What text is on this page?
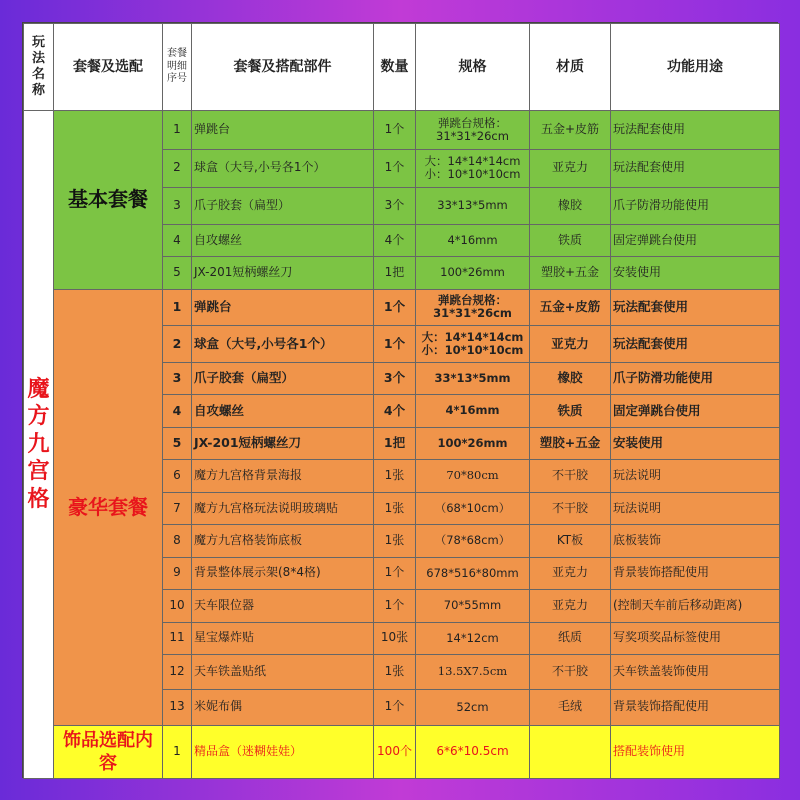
玩法名称	套餐及选配	套餐明细序号	套餐及搭配部件	数量	规格	材质	功能用途
魔方九宫格	基本套餐	1	弹跳台	1个	弹跳台规格：
31*31*26cm	五金+皮筋	玩法配套使用
		2	球盒（大号,小号各1个）	1个	大：14*14*14cm
小：10*10*10cm	亚克力	玩法配套使用
		3	爪子胶套（扁型）	3个	33*13*5mm	橡胶	爪子防滑功能使用
		4	自攻螺丝	4个	4*16mm	铁质	固定弹跳台使用
		5	JX-201短柄螺丝刀	1把	100*26mm	塑胶+五金	安装使用
	豪华套餐	1	弹跳台	1个	弹跳台规格：
31*31*26cm	五金+皮筋	玩法配套使用
		2	球盒（大号,小号各1个）	1个	大：14*14*14cm
小：10*10*10cm	亚克力	玩法配套使用
		3	爪子胶套（扁型）	3个	33*13*5mm	橡胶	爪子防滑功能使用
		4	自攻螺丝	4个	4*16mm	铁质	固定弹跳台使用
		5	JX-201短柄螺丝刀	1把	100*26mm	塑胶+五金	安装使用
		6	魔方九宫格背景海报	1张	70*80cm	不干胶	玩法说明
		7	魔方九宫格玩法说明玻璃贴	1张	（68*10cm）	不干胶	玩法说明
		8	魔方九宫格装饰底板	1张	（78*68cm）	KT板	底板装饰
		9	背景整体展示架(8*4格)	1个	678*516*80mm	亚克力	背景装饰搭配使用
		10	天车限位器	1个	70*55mm	亚克力	(控制天车前后移动距离)
		11	星宝爆炸贴	10张	14*12cm	纸质	写奖项奖品标签使用
		12	天车铁盖贴纸	1张	13.5X7.5cm	不干胶	天车铁盖装饰使用
		13	米妮布偶	1个	52cm	毛绒	背景装饰搭配使用
	饰品选配内容	1	精品盒（迷糊娃娃）	100个	6*6*10.5cm		搭配装饰使用
